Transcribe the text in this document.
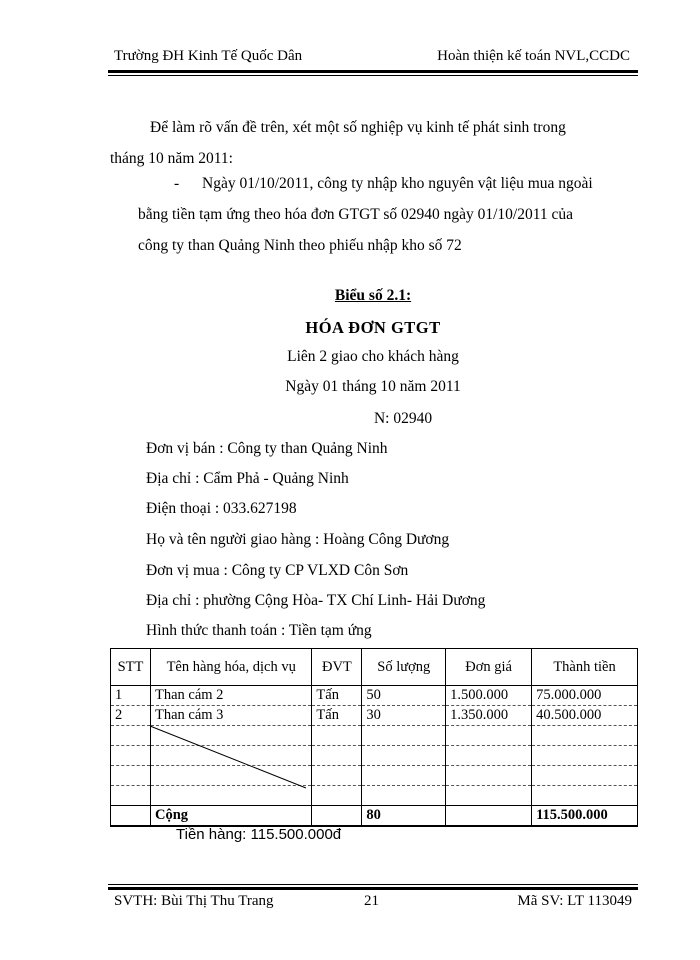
Trường ĐH Kinh Tế Quốc Dân	Hoàn thiện kế toán NVL,CCDC
Để làm rõ vấn đề trên, xét một số nghiệp vụ kinh tế phát sinh trong
tháng 10 năm 2011:
-	Ngày 01/10/2011, công ty nhập kho nguyên vật liệu mua ngoài
bằng tiền tạm ứng theo hóa đơn GTGT số 02940 ngày 01/10/2011 của
công ty than Quảng Ninh theo phiếu nhập kho số 72
Biểu số 2.1:
HÓA ĐƠN GTGT
Liên 2 giao cho khách hàng
Ngày 01 tháng 10 năm 2011
N: 02940
Đơn vị bán : Công ty than Quảng Ninh
Địa chỉ : Cẩm Phả - Quảng Ninh
Điện thoại : 033.627198
Họ và tên người giao hàng : Hoàng Công Dương
Đơn vị mua : Công ty CP VLXD Côn Sơn
Địa chỉ : phường Cộng Hòa- TX Chí Linh- Hải Dương
Hình thức thanh toán : Tiền tạm ứng
STT	Tên hàng hóa, dịch vụ	ĐVT	Số lượng	Đơn giá	Thành tiền
1	Than cám 2	Tấn	50	1.500.000	75.000.000
2	Than cám 3	Tấn	30	1.350.000	40.500.000

	Cộng		80		115.500.000
Tiền hàng: 115.500.000đ
SVTH: Bùi Thị Thu Trang	21	Mã SV: LT 113049
